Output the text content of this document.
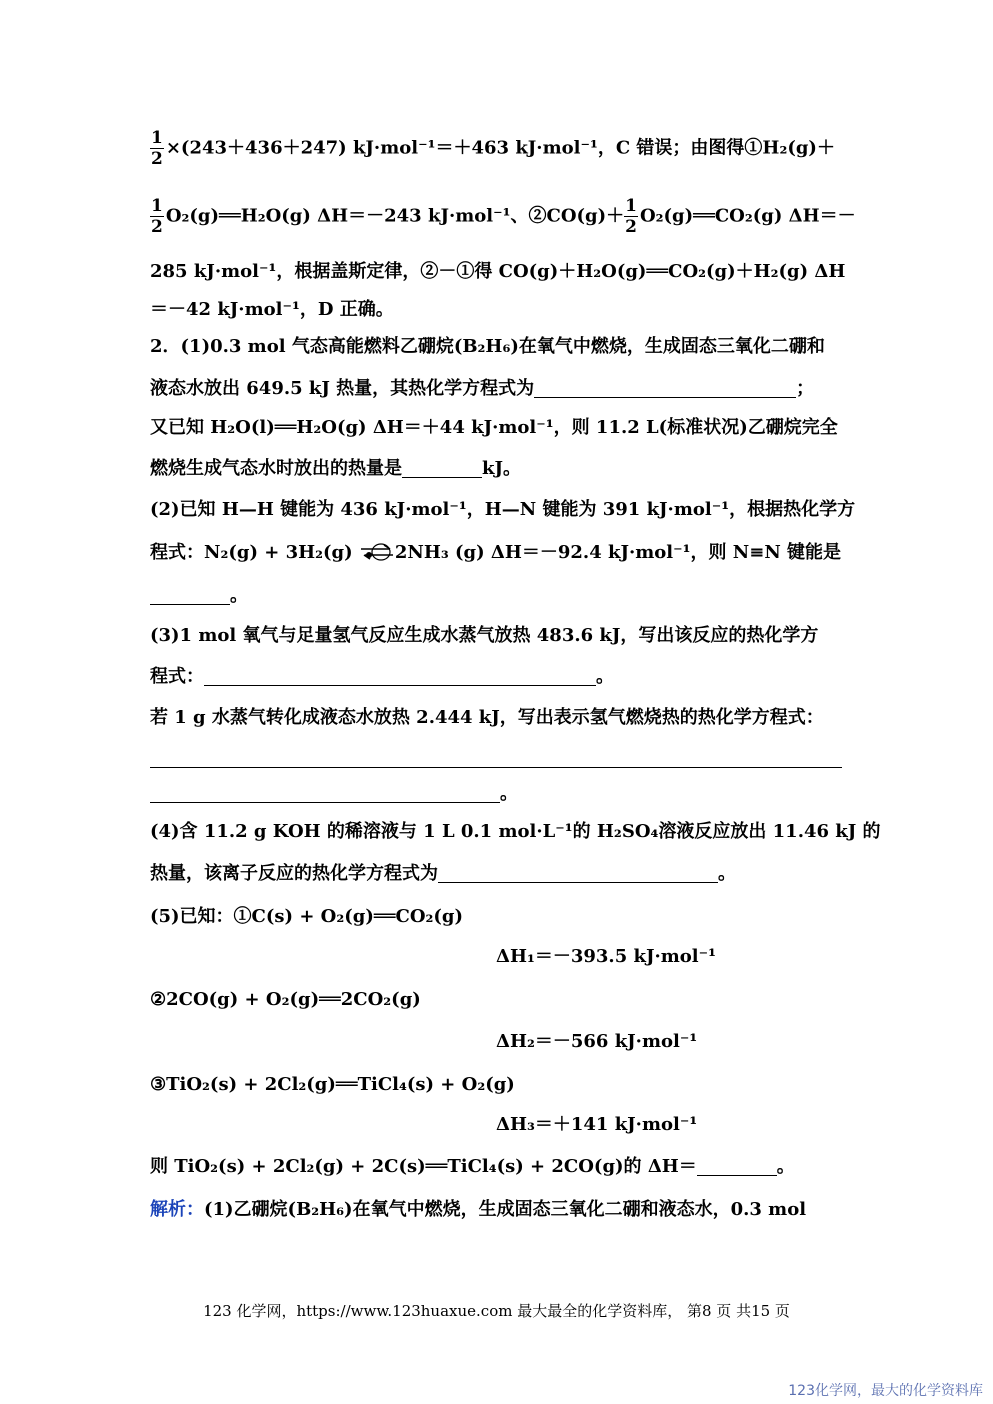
$\frac{1}{2} \times(243+436+247)$ kJ·mol⁻¹＝＋463 kJ·mol⁻¹，C 错误；由图得①H₂(g)＋
$\frac{1}{2}$ O₂(g)══H₂O(g) ΔH＝－243 kJ·mol⁻¹、②CO(g)＋ $\frac{1}{2}$ O₂(g)══CO₂(g) ΔH＝－
285 kJ·mol⁻¹，根据盖斯定律，②－①得 CO(g)＋H₂O(g)══CO₂(g)＋H₂(g) ΔH
＝－42 kJ·mol⁻¹，D 正确。
2．(1)0.3 mol 气态高能燃料乙硼烷(B₂H₆)在氧气中燃烧，生成固态三氧化二硼和
液态水放出 649.5 kJ 热量，其热化学方程式为	；
又已知 H₂O(l)══H₂O(g) ΔH＝＋44 kJ·mol⁻¹，则 11.2 L(标准状况)乙硼烷完全
燃烧生成气态水时放出的热量是	kJ。
(2)已知 H—H 键能为 436 kJ·mol⁻¹，H—N 键能为 391 kJ·mol⁻¹，根据热化学方
程式：N₂(g) + 3H₂(g) ⇌2NH₃ (g) ΔH＝－92.4 kJ·mol⁻¹，则 N≡N 键能是
。
(3)1 mol 氧气与足量氢气反应生成水蒸气放热 483.6 kJ，写出该反应的热化学方
程式：	。
若 1 g 水蒸气转化成液态水放热 2.444 kJ，写出表示氢气燃烧热的热化学方程式：
。
(4)含 11.2 g KOH 的稀溶液与 1 L 0.1 mol·L⁻¹的 H₂SO₄溶液反应放出 11.46 kJ 的
热量，该离子反应的热化学方程式为	。
(5)已知：①C(s) + O₂(g)══CO₂(g)
ΔH₁＝－393.5 kJ·mol⁻¹
②2CO(g) + O₂(g)══2CO₂(g)
ΔH₂＝－566 kJ·mol⁻¹
③TiO₂(s) + 2Cl₂(g)══TiCl₄(s) + O₂(g)
ΔH₃＝＋141 kJ·mol⁻¹
则 TiO₂(s) + 2Cl₂(g) + 2C(s)══TiCl₄(s) + 2CO(g)的 ΔH＝	。
解析：(1)乙硼烷(B₂H₆)在氧气中燃烧，生成固态三氧化二硼和液态水，0.3 mol
123 化学网，https://www.123huaxue.com 最大最全的化学资料库， 第8 页 共15 页
123化学网，最大的化学资料库
